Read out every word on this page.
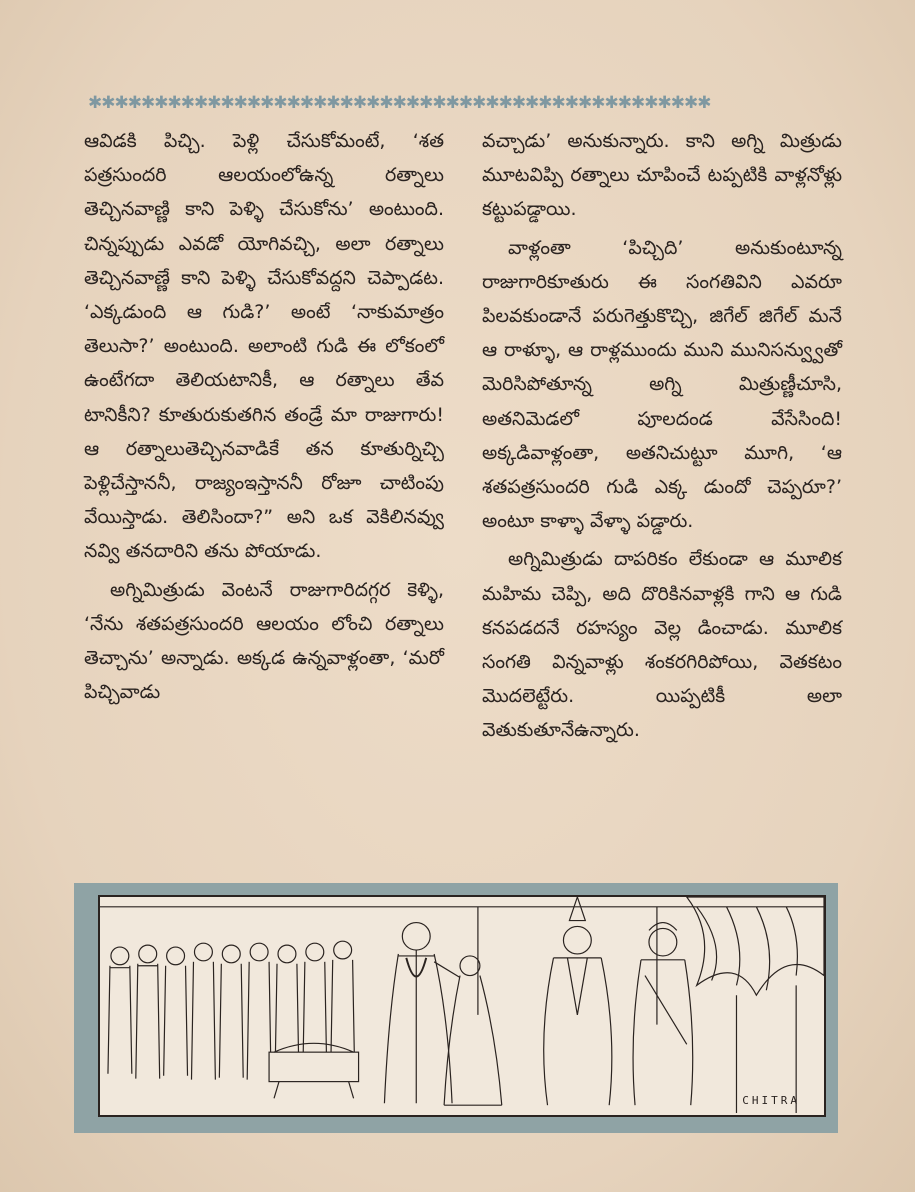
✱✱✱✱✱✱✱✱✱✱✱✱✱✱✱✱✱✱✱✱✱✱✱✱✱✱✱✱✱✱✱✱✱✱✱✱✱✱✱✱✱✱✱✱✱✱✱

ఆవిడకి పిచ్చి. పెళ్లి చేసుకోమంటే, ‘శత పత్రసుందరి ఆలయంలోఉన్న రత్నాలు తెచ్చినవాణ్ణి కాని పెళ్ళి చేసుకోను’ అంటుంది. చిన్నప్పుడు ఎవడో యోగివచ్చి, అలా రత్నాలు తెచ్చినవాణ్ణే కాని పెళ్ళి చేసుకోవద్దని చెప్పాడట. ‘ఎక్కడుంది ఆ గుడి?’ అంటే ‘నాకుమాత్రం తెలుసా?’ అంటుంది. అలాంటి గుడి ఈ లోకంలో ఉంటేగదా తెలియటానికీ, ఆ రత్నాలు తేవ టానికీని? కూతురుకుతగిన తండ్రే మా రాజుగారు! ఆ రత్నాలుతెచ్చినవాడికే తన కూతుర్నిచ్చి పెళ్లిచేస్తాననీ, రాజ్యంఇస్తాననీ రోజూ చాటింపు వేయిస్తాడు. తెలిసిందా?” అని ఒక వెకిలినవ్వు నవ్వి తనదారిని తను పోయాడు.

అగ్నిమిత్రుడు వెంటనే రాజుగారిదగ్గర కెళ్ళి, ‘నేను శతపత్రసుందరి ఆలయం లోంచి రత్నాలు తెచ్చాను’ అన్నాడు. అక్కడ ఉన్నవాళ్లంతా, ‘మరో పిచ్చివాడు

వచ్చాడు’ అనుకున్నారు. కాని అగ్ని మిత్రుడు మూటవిప్పి రత్నాలు చూపించే టప్పటికి వాళ్లనోళ్లు కట్టుపడ్డాయి.

వాళ్లంతా ‘పిచ్చిది’ అనుకుంటూన్న రాజుగారికూతురు ఈ సంగతివిని ఎవరూ పిలవకుండానే పరుగెత్తుకొచ్చి, జిగేల్ జిగేల్ మనే ఆ రాళ్ళూ, ఆ రాళ్లముందు ముని మునిసన్వ్వుతో మెరిసిపోతూన్న అగ్ని మిత్రుణ్ణీచూసి, అతనిమెడలో పూలదండ వేసేసింది! అక్కడివాళ్లంతా, అతనిచుట్టూ మూగి, ‘ఆ శతపత్రసుందరి గుడి ఎక్క డుందో చెప్పరూ?’ అంటూ కాళ్ళా వేళ్ళా పడ్డారు.

అగ్నిమిత్రుడు దాపరికం లేకుండా ఆ మూలిక మహిమ చెప్పి, అది దొరికినవాళ్లకి గాని ఆ గుడి కనపడదనే రహస్యం వెల్ల డించాడు. మూలిక సంగతి విన్నవాళ్లు శంకరగిరిపోయి, వెతకటం మొదలెట్టేరు. యిప్పటికీ అలా వెతుకుతూనేఉన్నారు.

CHITRA
